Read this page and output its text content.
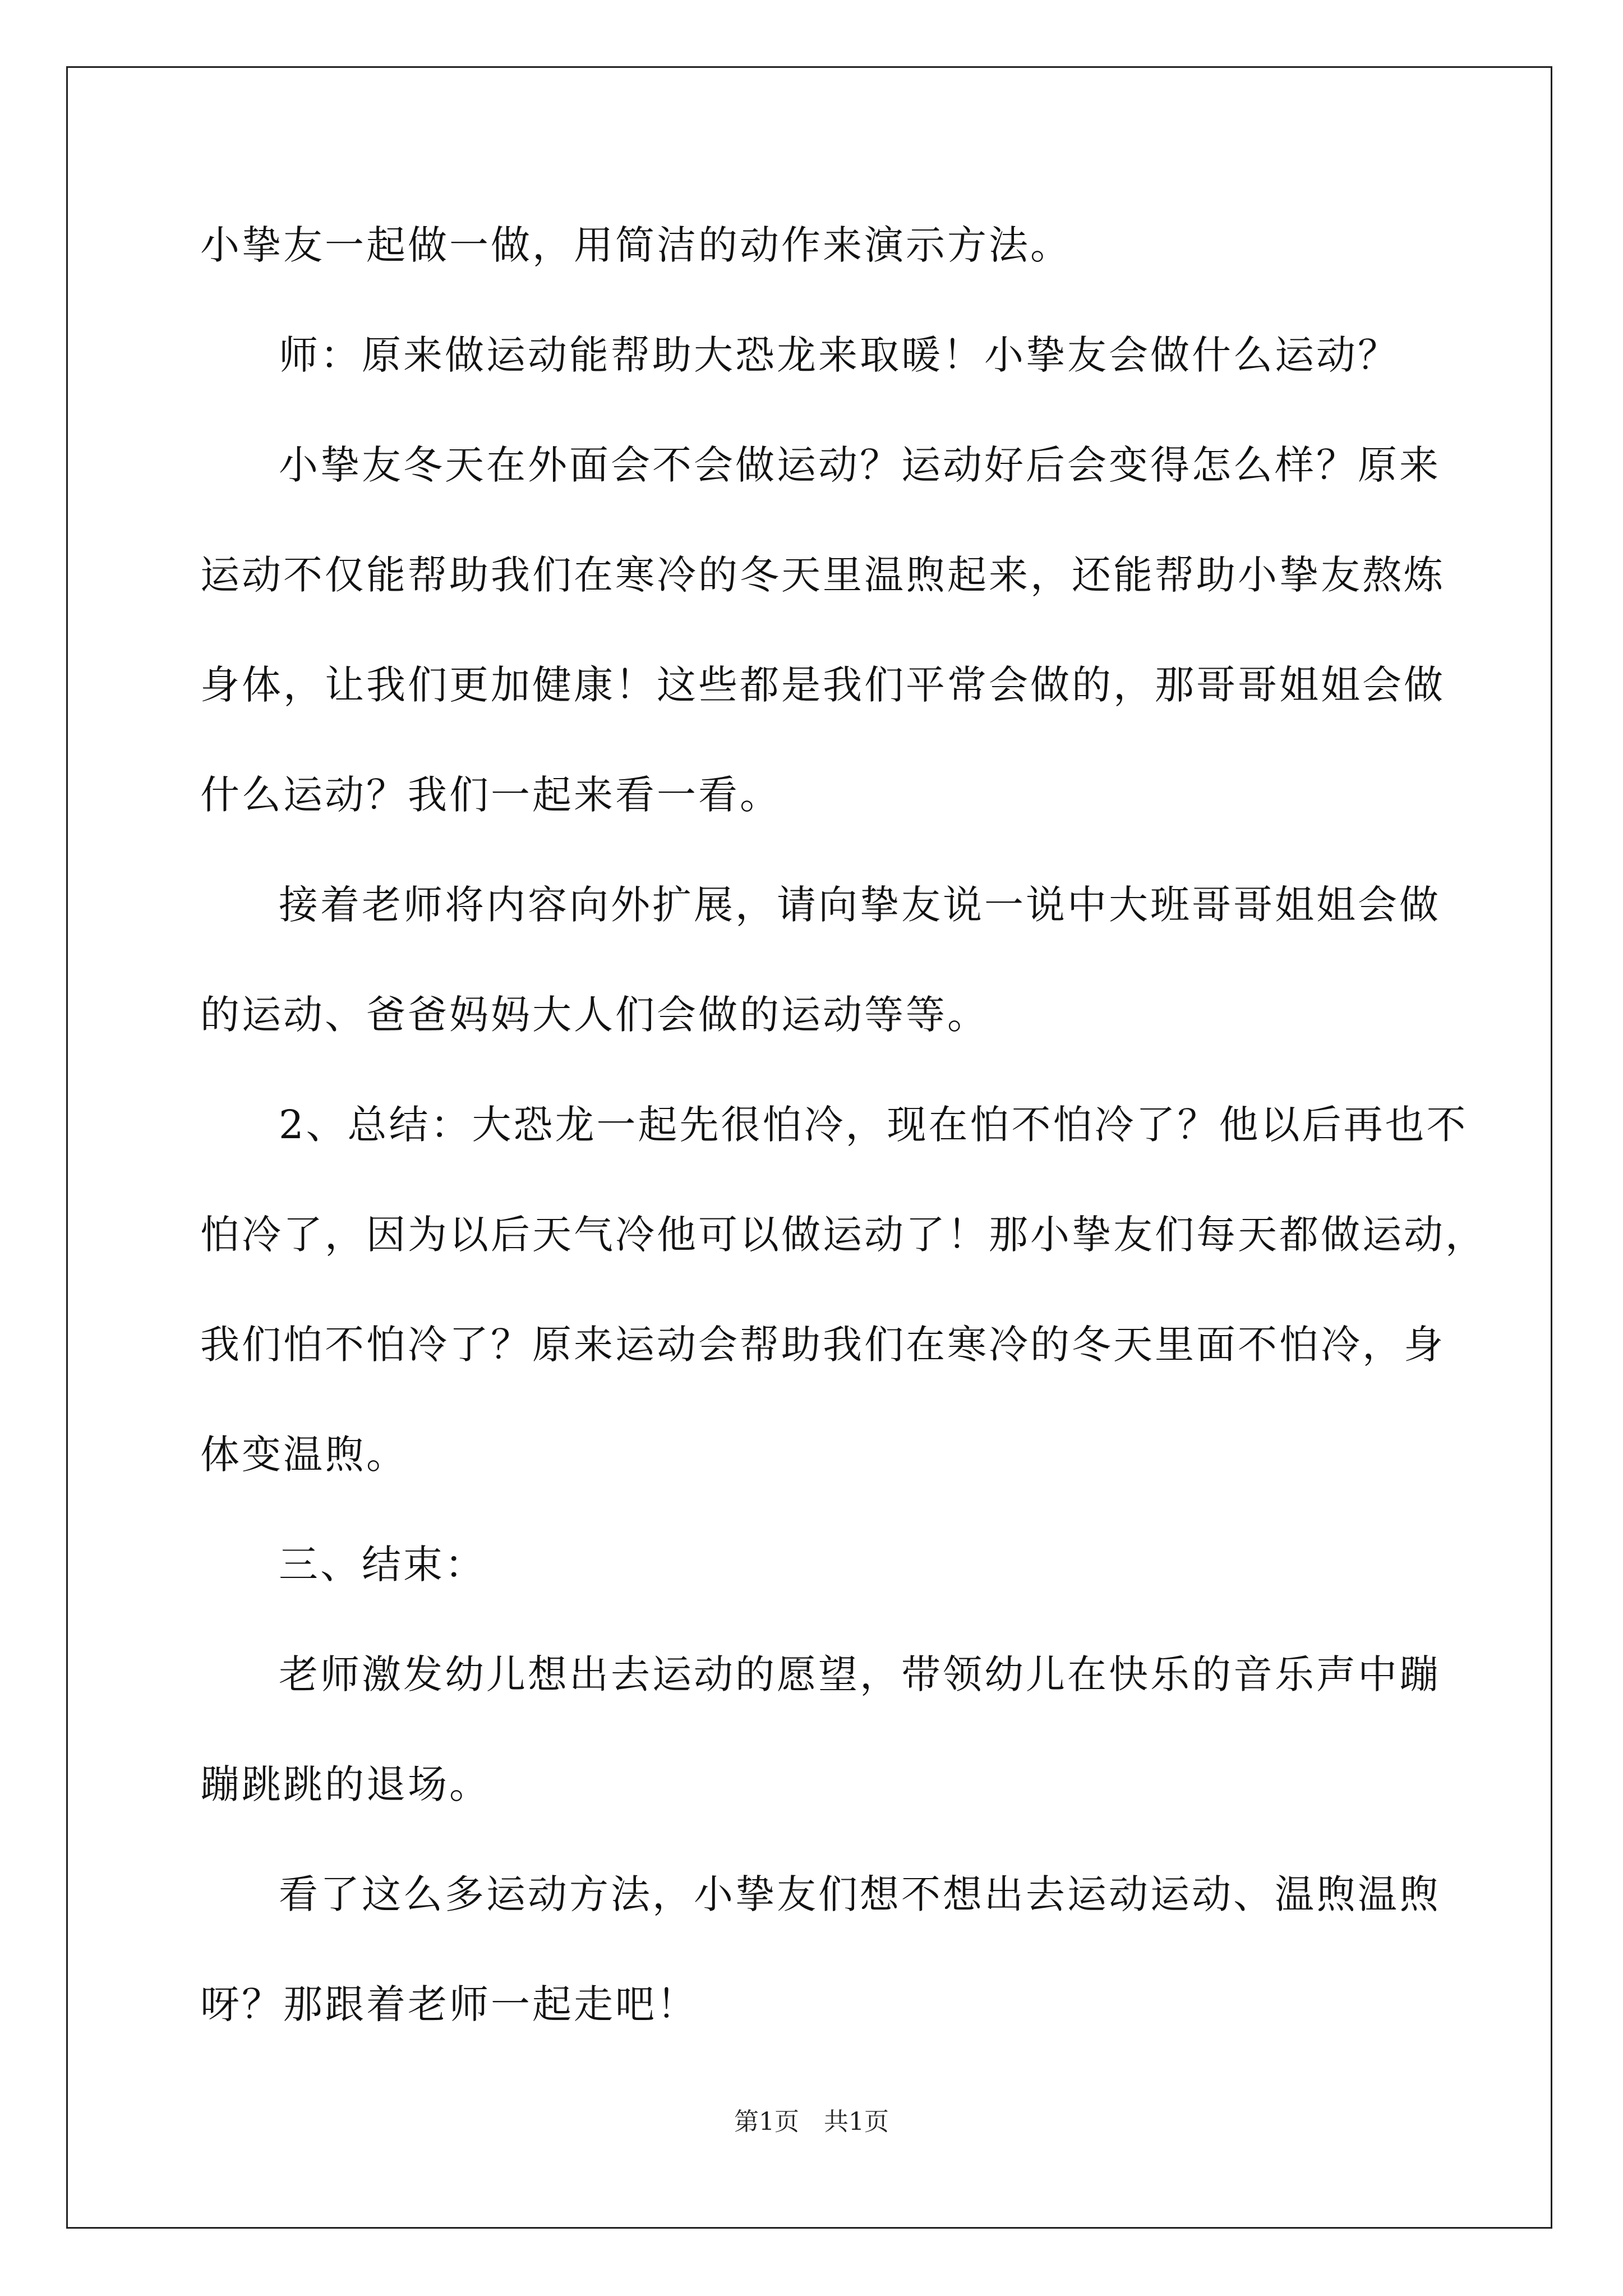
小挚友一起做一做，用简洁的动作来演示方法。
师：原来做运动能帮助大恐龙来取暖！小挚友会做什么运动？
小挚友冬天在外面会不会做运动？运动好后会变得怎么样？原来
运动不仅能帮助我们在寒冷的冬天里温煦起来，还能帮助小挚友熬炼
身体，让我们更加健康！这些都是我们平常会做的，那哥哥姐姐会做
什么运动？我们一起来看一看。
接着老师将内容向外扩展，请向挚友说一说中大班哥哥姐姐会做
的运动、爸爸妈妈大人们会做的运动等等。
2、总结：大恐龙一起先很怕冷，现在怕不怕冷了？他以后再也不
怕冷了，因为以后天气冷他可以做运动了！那小挚友们每天都做运动，
我们怕不怕冷了？原来运动会帮助我们在寒冷的冬天里面不怕冷，身
体变温煦。
三、结束：
老师激发幼儿想出去运动的愿望，带领幼儿在快乐的音乐声中蹦
蹦跳跳的退场。
看了这么多运动方法，小挚友们想不想出去运动运动、温煦温煦
呀？那跟着老师一起走吧！
第1页　共1页
